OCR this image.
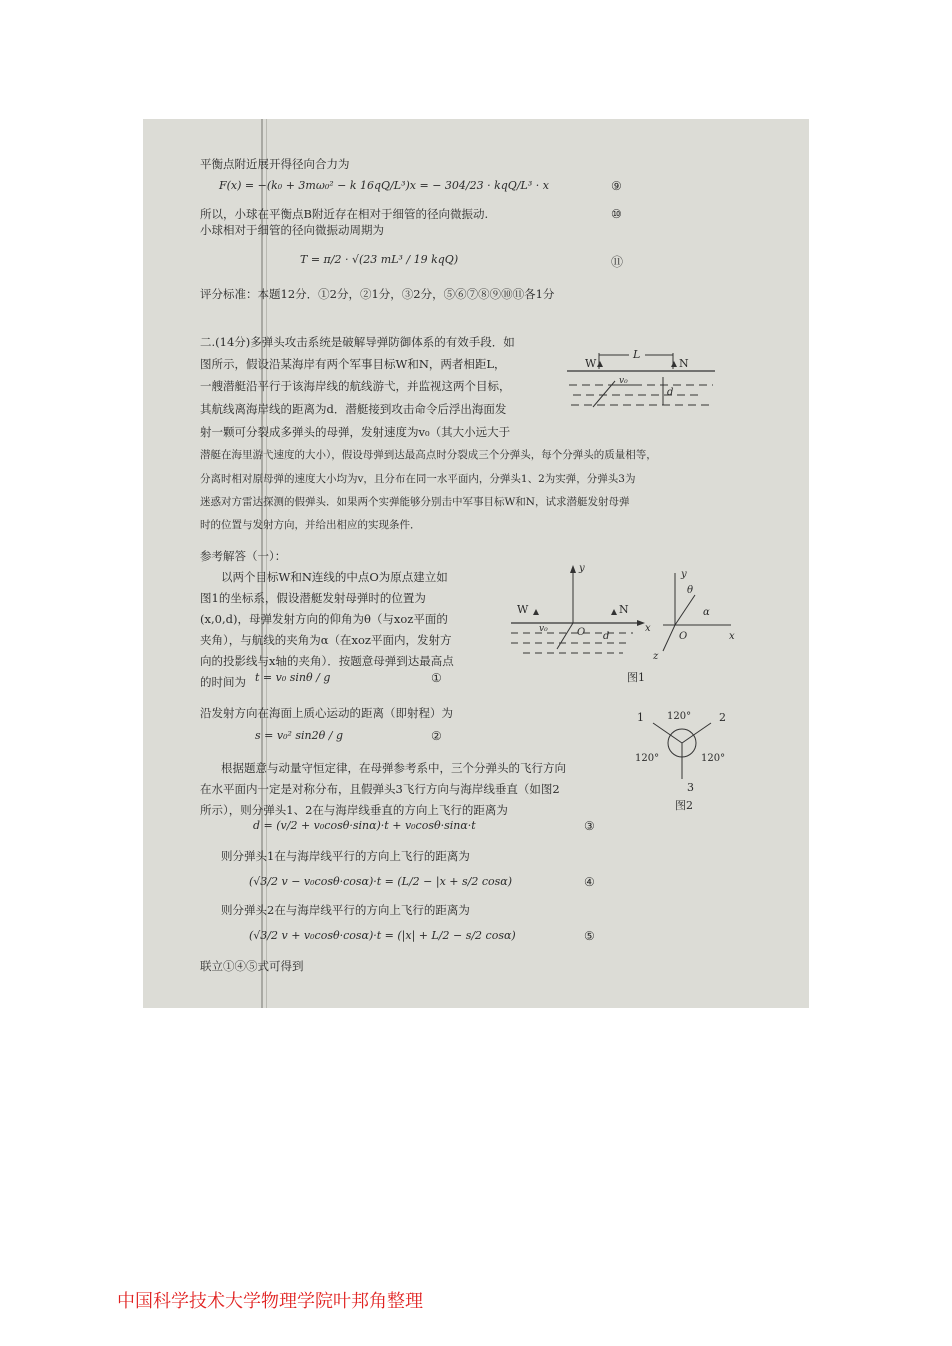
平衡点附近展开得径向合力为
F(x) = −(k₀ + 3mω₀² − k 16qQ/L³)x = − 304/23 · kqQ/L³ · x	⑨
所以，小球在平衡点B附近存在相对于细管的径向微振动.	⑩
小球相对于细管的径向微振动周期为
T = π/2 · √(23 mL³ / 19 kqQ)	⑪
评分标准：本题12分．①2分，②1分，③2分，⑤⑥⑦⑧⑨⑩⑪各1分
二.(14分)多弹头攻击系统是破解导弹防御体系的有效手段．如
图所示，假设沿某海岸有两个军事目标W和N，两者相距L，
一艘潜艇沿平行于该海岸线的航线游弋，并监视这两个目标，
其航线离海岸线的距离为d．潜艇接到攻击命令后浮出海面发
射一颗可分裂成多弹头的母弹，发射速度为v₀（其大小远大于
潜艇在海里游弋速度的大小），假设母弹到达最高点时分裂成三个分弹头，每个分弹头的质量相等，
分离时相对原母弹的速度大小均为v，且分布在同一水平面内，分弹头1、2为实弹，分弹头3为
迷惑对方雷达探测的假弹头．如果两个实弹能够分别击中军事目标W和N，试求潜艇发射母弹
时的位置与发射方向，并给出相应的实现条件．
W	N
L
v₀
d
参考解答（一）：
以两个目标W和N连线的中点O为原点建立如
图1的坐标系，假设潜艇发射母弹时的位置为
(x,0,d)，母弹发射方向的仰角为θ（与xoz平面的
夹角），与航线的夹角为α（在xoz平面内，发射方
向的投影线与x轴的夹角）．按题意母弹到达最高点
的时间为 t = v₀ sinθ / g	①
沿发射方向在海面上质心运动的距离（即射程）为
s = v₀² sin2θ / g	②
根据题意与动量守恒定律，在母弹参考系中，三个分弹头的飞行方向
在水平面内一定是对称分布，且假弹头3飞行方向与海岸线垂直（如图2
所示），则分弹头1、2在与海岸线垂直的方向上飞行的距离为
d = (v/2 + v₀cosθ·sinα)·t + v₀cosθ·sinα·t	③
则分弹头1在与海岸线平行的方向上飞行的距离为
(√3/2 v − v₀cosθ·cosα)·t = (L/2 − |x + s/2 cosα)	④
则分弹头2在与海岸线平行的方向上飞行的距离为
(√3/2 v + v₀cosθ·cosα)·t = (|x| + L/2 − s/2 cosα)	⑤
联立①④⑤式可得到
W	N
y
x
O d
v₀
y
x
z
O
θ
α
图1
1	2
3
120°
120°	120°
图2
中国科学技术大学物理学院叶邦角整理
